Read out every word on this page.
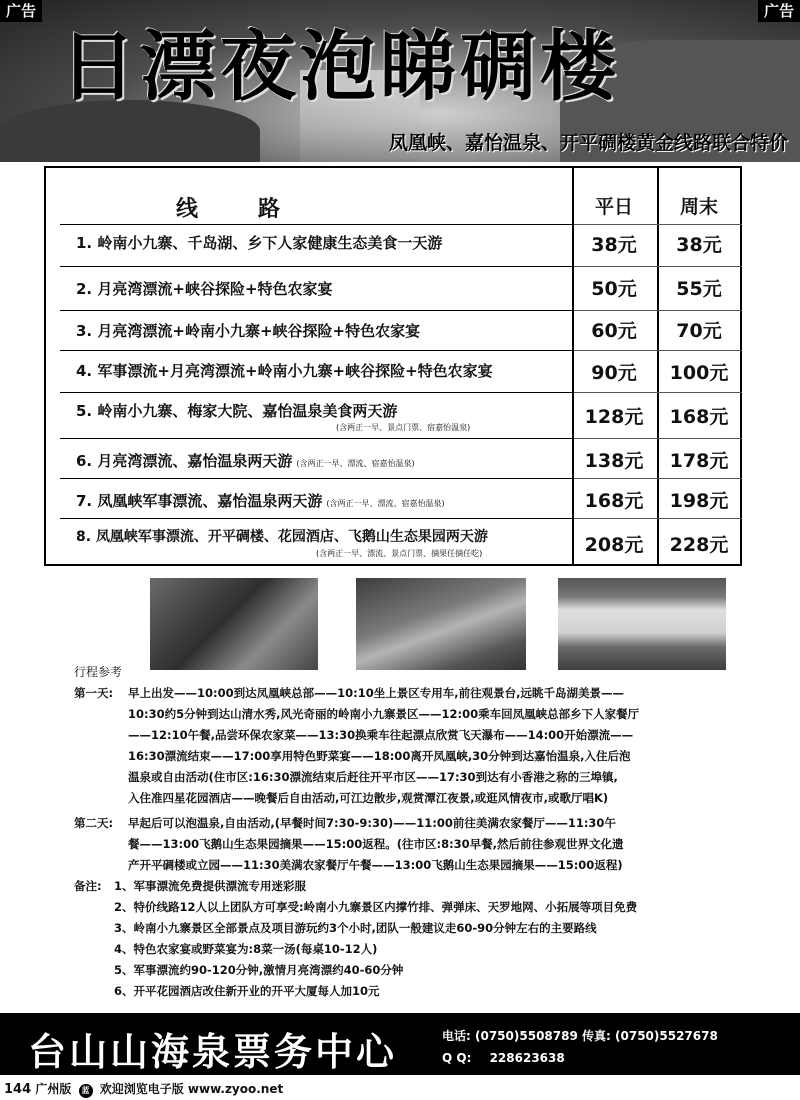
日漂夜泡睇碉楼
凤凰峡、嘉怡温泉、开平碉楼黄金线路联合特价
广告	广告
线路	平日	周末
1. 岭南小九寨、千岛湖、乡下人家健康生态美食一天游	38元	38元
2. 月亮湾漂流+峡谷探险+特色农家宴	50元	55元
3. 月亮湾漂流+岭南小九寨+峡谷探险+特色农家宴	60元	70元
4. 军事漂流+月亮湾漂流+岭南小九寨+峡谷探险+特色农家宴	90元	100元
5. 岭南小九寨、梅家大院、嘉怡温泉美食两天游
(含两正一早、景点门票、宿嘉怡温泉)	128元	168元
6. 月亮湾漂流、嘉怡温泉两天游 (含两正一早、漂流、宿嘉怡温泉)	138元	178元
7. 凤凰峡军事漂流、嘉怡温泉两天游 (含两正一早、漂流、宿嘉怡温泉)	168元	198元
8. 凤凰峡军事漂流、开平碉楼、花园酒店、飞鹅山生态果园两天游
(含两正一早、漂流、景点门票、摘果任摘任吃)	208元	228元
行程参考
第一天: 早上出发——10:00到达凤凰峡总部——10:10坐上景区专用车,前往观景台,远眺千岛湖美景——
10:30约5分钟到达山清水秀,风光奇丽的岭南小九寨景区——12:00乘车回凤凰峡总部乡下人家餐厅
——12:10午餐,品尝环保农家菜——13:30换乘车往起漂点欣赏飞天瀑布——14:00开始漂流——
16:30漂流结束——17:00享用特色野菜宴——18:00离开凤凰峡,30分钟到达嘉怡温泉,入住后泡
温泉或自由活动(住市区:16:30漂流结束后赶往开平市区——17:30到达有小香港之称的三埠镇,
入住准四星花园酒店——晚餐后自由活动,可江边散步,观赏潭江夜景,或逛风情夜市,或歌厅唱K)
第二天: 早起后可以泡温泉,自由活动,(早餐时间7:30-9:30)——11:00前往美满农家餐厅——11:30午
餐——13:00飞鹅山生态果园摘果——15:00返程。(往市区:8:30早餐,然后前往参观世界文化遗
产开平碉楼或立园——11:30美满农家餐厅午餐——13:00飞鹅山生态果园摘果——15:00返程)
备注: 1、军事漂流免费提供漂流专用迷彩服
2、特价线路12人以上团队方可享受:岭南小九寨景区内撑竹排、弹弹床、天罗地网、小拓展等项目免费
3、岭南小九寨景区全部景点及项目游玩约3个小时,团队一般建议走60-90分钟左右的主要路线
4、特色农家宴或野菜宴为:8菜一汤(每桌10-12人)
5、军事漂流约90-120分钟,激情月亮湾漂约40-60分钟
6、开平花园酒店改住新开业的开平大厦每人加10元
台山山海泉票务中心	电话: (0750)5508789 传真: (0750)5527678
Q Q: 228623638
144 广州版 蓝 欢迎浏览电子版 www.zyoo.net
